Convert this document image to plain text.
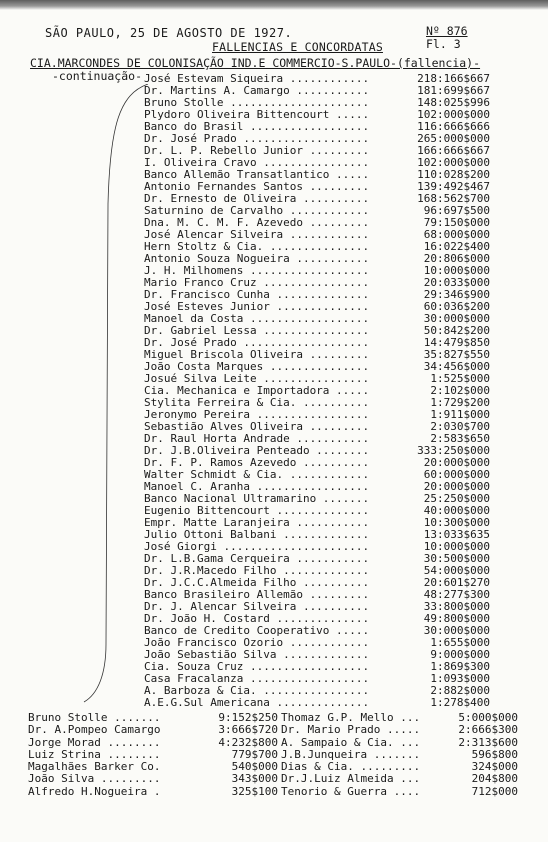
SÃO PAULO, 25 DE AGOSTO DE 1927.	Nº 876
Fl. 3
FALLENCIAS E CONCORDATAS
CIA.MARCONDES DE COLONISAÇÃO IND.E COMMERCIO-S.PAULO-(fallencia)-
-continuação- José Estevam Siqueira ............	218:166$667
Dr. Martins A. Camargo ...........	181:699$667
Bruno Stolle .....................	148:025$996
Plydoro Oliveira Bittencourt .....	102:000$000
Banco do Brasil ..................	116:666$666
Dr. José Prado ...................	265:000$000
Dr. L. P. Rebello Junior .........	166:666$667
I. Oliveira Cravo ................	102:000$000
Banco Allemão Transatlantico .....	110:028$200
Antonio Fernandes Santos .........	139:492$467
Dr. Ernesto de Oliveira ..........	168:562$700
Saturnino de Carvalho ............	96:697$500
Dna. M. C. M. F. Azevedo .........	79:150$000
José Alencar Silveira ............	68:000$000
Hern Stoltz & Cia. ...............	16:022$400
Antonio Souza Nogueira ...........	20:806$000
J. H. Milhomens ..................	10:000$000
Mario Franco Cruz ................	20:033$000
Dr. Francisco Cunha ..............	29:346$900
José Esteves Junior ..............	60:036$200
Manoel da Costa ..................	30:000$000
Dr. Gabriel Lessa ................	50:842$200
Dr. José Prado ...................	14:479$850
Miguel Briscola Oliveira .........	35:827$550
João Costa Marques ...............	34:456$000
Josué Silva Leite ................	1:525$000
Cia. Mechanica e Importadora .....	2:102$000
Stylita Ferreira & Cia. ..........	1:729$200
Jeronymo Pereira .................	1:911$000
Sebastião Alves Oliveira .........	2:030$700
Dr. Raul Horta Andrade ...........	2:583$650
Dr. J.B.Oliveira Penteado ........	333:250$000
Dr. F. P. Ramos Azevedo ..........	20:000$000
Walter Schmidt & Cia. ............	60:000$000
Manoel C. Aranha .................	20:000$000
Banco Nacional Ultramarino .......	25:250$000
Eugenio Bittencourt ..............	40:000$000
Empr. Matte Laranjeira ...........	10:300$000
Julio Ottoni Balbani .............	13:033$635
José Giorgi ......................	10:000$000
Dr. L.B.Gama Cerqueira ...........	30:500$000
Dr. J.R.Macedo Filho .............	54:000$000
Dr. J.C.C.Almeida Filho ..........	20:601$270
Banco Brasileiro Allemão .........	48:277$300
Dr. J. Alencar Silveira ..........	33:800$000
Dr. João H. Costard ..............	49:800$000
Banco de Credito Cooperativo .....	30:000$000
João Francisco Ozorio ............	1:655$000
João Sebastião Silva .............	9:000$000
Cia. Souza Cruz ..................	1:869$300
Casa Fracalanza ..................	1:093$000
A. Barboza & Cia. ................	2:882$000
A.E.G.Sul Americana ..............	1:278$400
Bruno Stolle .......	9:152$250 Thomaz G.P. Mello ...	5:000$000
Dr. A.Pompeo Camargo	3:666$720 Dr. Mario Prado .....	2:666$300
Jorge Morad ........	4:232$800 A. Sampaio & Cia. ...	2:313$600
Luiz Strina ........	779$700 J.B.Junqueira .......	596$800
Magalhães Barker Co.	540$000 Dias & Cia. .........	324$000
João Silva .........	343$000 Dr.J.Luiz Almeida ...	204$800
Alfredo H.Nogueira .	325$100 Tenorio & Guerra ....	712$000
